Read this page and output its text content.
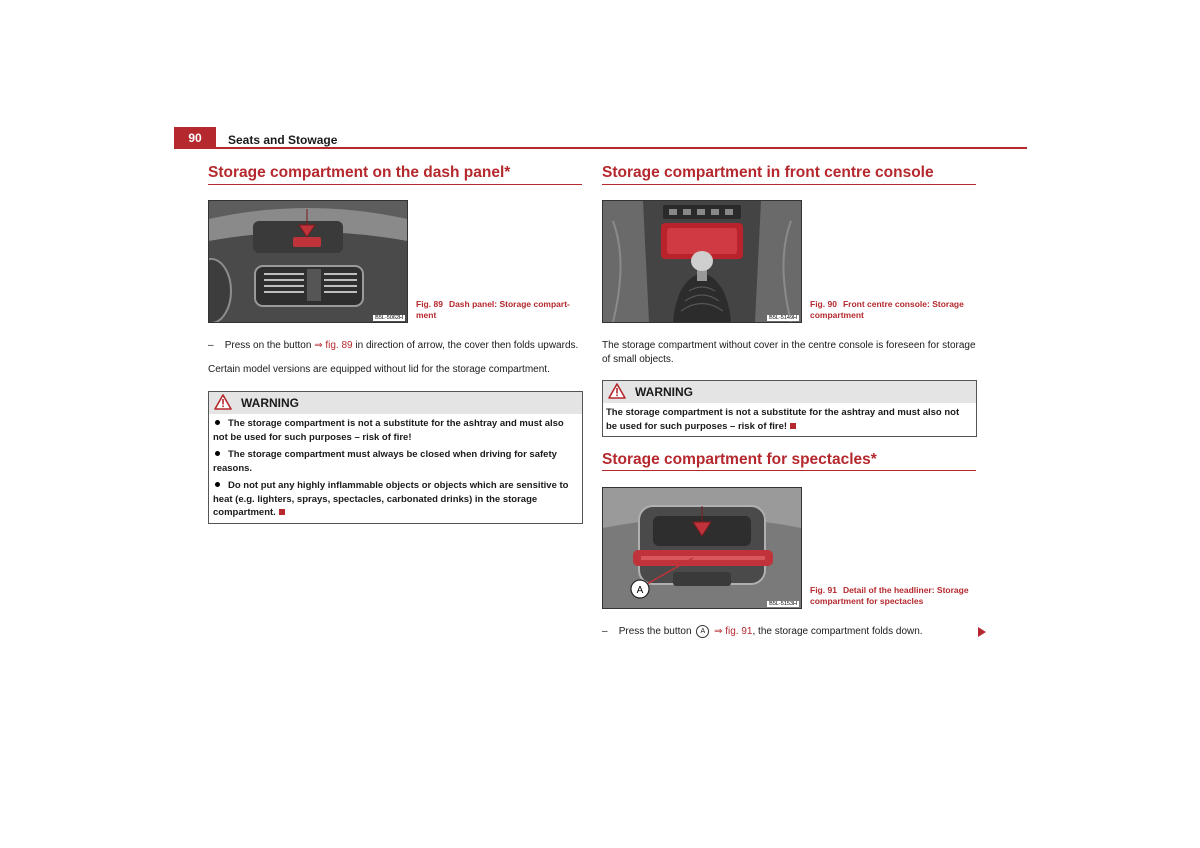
90	Seats and Stowage
Storage compartment on the dash panel*
B5L-5062H
Fig. 89 Dash panel: Storage compart-
ment
– Press on the button ⇒ fig. 89 in direction of arrow, the cover then folds upwards.
Certain model versions are equipped without lid for the storage compartment.
WARNING
The storage compartment is not a substitute for the ashtray and must also not be used for such purposes – risk of fire!
The storage compartment must always be closed when driving for safety reasons.
Do not put any highly inflammable objects or objects which are sensitive to heat (e.g. lighters, sprays, spectacles, carbonated drinks) in the storage compartment.
Storage compartment in front centre console
B5L-5149H
Fig. 90 Front centre console: Storage
compartment
The storage compartment without cover in the centre console is foreseen for storage of small objects.
WARNING
The storage compartment is not a substitute for the ashtray and must also not be used for such purposes – risk of fire!
Storage compartment for spectacles*
A
B5L-5153H
Fig. 91 Detail of the headliner: Storage
compartment for spectacles
– Press the button A ⇒ fig. 91, the storage compartment folds down.
